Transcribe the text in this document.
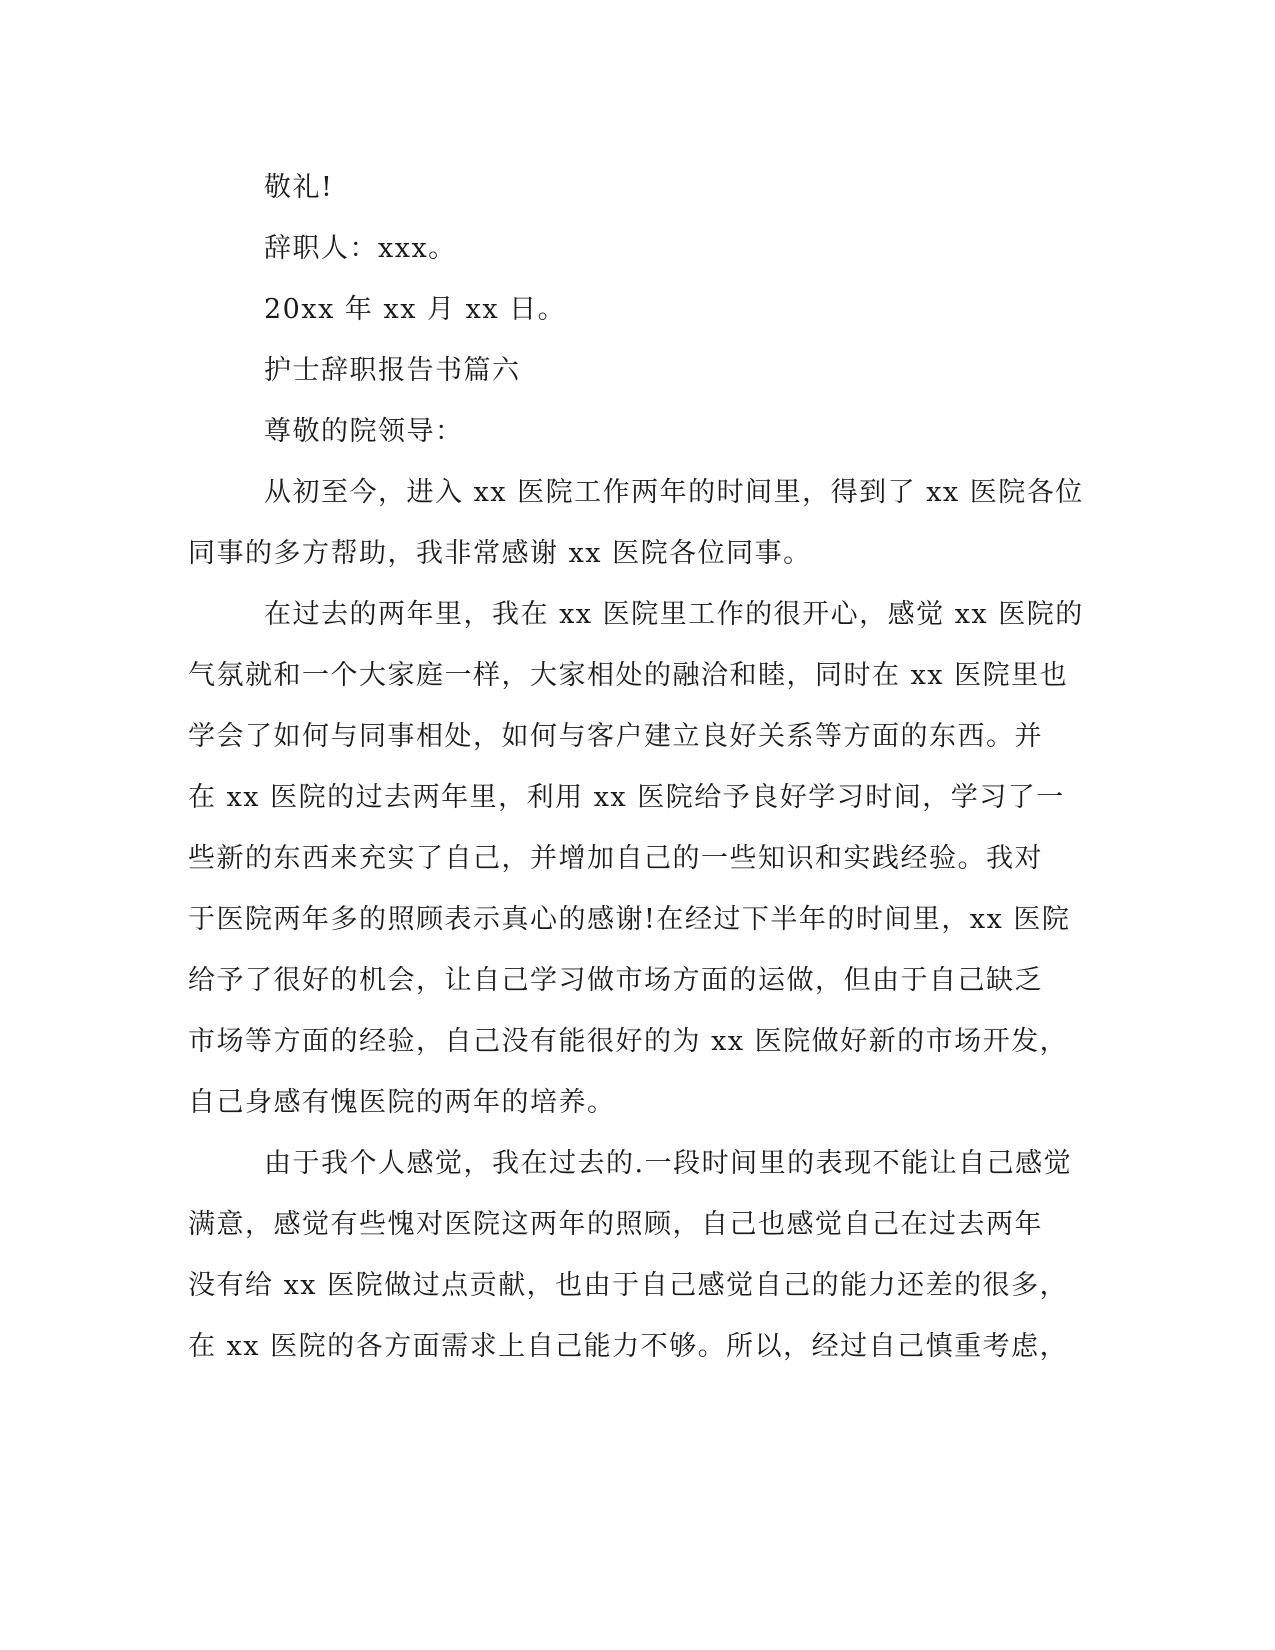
敬礼!
辞职人：xxx。
20xx 年 xx 月 xx 日。
护士辞职报告书篇六
尊敬的院领导：
从初至今，进入 xx 医院工作两年的时间里，得到了 xx 医院各位
同事的多方帮助，我非常感谢 xx 医院各位同事。
在过去的两年里，我在 xx 医院里工作的很开心，感觉 xx 医院的
气氛就和一个大家庭一样，大家相处的融洽和睦，同时在 xx 医院里也
学会了如何与同事相处，如何与客户建立良好关系等方面的东西。并
在 xx 医院的过去两年里，利用 xx 医院给予良好学习时间，学习了一
些新的东西来充实了自己，并增加自己的一些知识和实践经验。我对
于医院两年多的照顾表示真心的感谢!在经过下半年的时间里，xx 医院
给予了很好的机会，让自己学习做市场方面的运做，但由于自己缺乏
市场等方面的经验，自己没有能很好的为 xx 医院做好新的市场开发，
自己身感有愧医院的两年的培养。
由于我个人感觉，我在过去的.一段时间里的表现不能让自己感觉
满意，感觉有些愧对医院这两年的照顾，自己也感觉自己在过去两年
没有给 xx 医院做过点贡献，也由于自己感觉自己的能力还差的很多，
在 xx 医院的各方面需求上自己能力不够。所以，经过自己慎重考虑，
